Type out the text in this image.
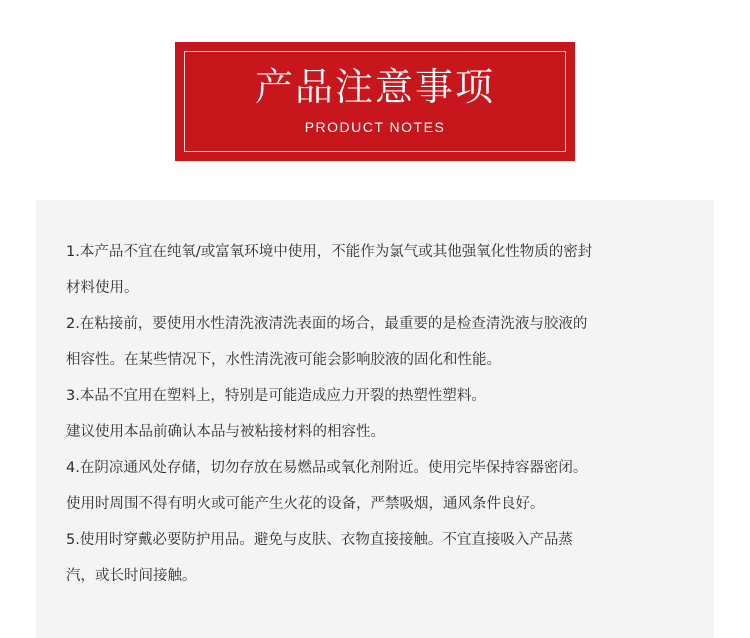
产品注意事项
PRODUCT NOTES
1.本产品不宜在纯氧/或富氧环境中使用，不能作为氯气或其他强氧化性物质的密封
材料使用。
2.在粘接前，要使用水性清洗液清洗表面的场合，最重要的是检查清洗液与胶液的
相容性。在某些情况下，水性清洗液可能会影响胶液的固化和性能。
3.本品不宜用在塑料上，特别是可能造成应力开裂的热塑性塑料。
建议使用本品前确认本品与被粘接材料的相容性。
4.在阴凉通风处存储，切勿存放在易燃品或氧化剂附近。使用完毕保持容器密闭。
使用时周围不得有明火或可能产生火花的设备，严禁吸烟，通风条件良好。
5.使用时穿戴必要防护用品。避免与皮肤、衣物直接接触。不宜直接吸入产品蒸
汽，或长时间接触。
